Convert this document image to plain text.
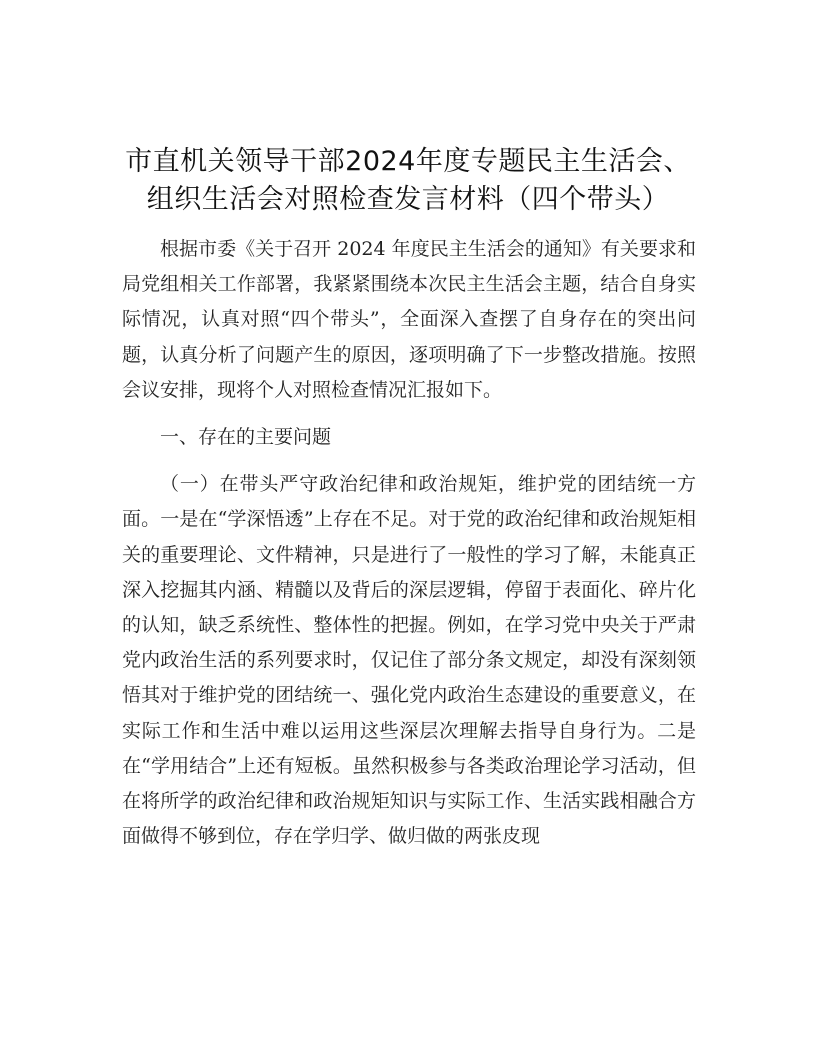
市直机关领导干部2024年度专题民主生活会、
组织生活会对照检查发言材料（四个带头）

根据市委《关于召开 2024 年度民主生活会的通知》有关要求和局党组相关工作部署，我紧紧围绕本次民主生活会主题，结合自身实际情况，认真对照“四个带头”，全面深入查摆了自身存在的突出问题，认真分析了问题产生的原因，逐项明确了下一步整改措施。按照会议安排，现将个人对照检查情况汇报如下。

一、存在的主要问题

（一）在带头严守政治纪律和政治规矩，维护党的团结统一方面。一是在“学深悟透”上存在不足。对于党的政治纪律和政治规矩相关的重要理论、文件精神，只是进行了一般性的学习了解，未能真正深入挖掘其内涵、精髓以及背后的深层逻辑，停留于表面化、碎片化的认知，缺乏系统性、整体性的把握。例如，在学习党中央关于严肃党内政治生活的系列要求时，仅记住了部分条文规定，却没有深刻领悟其对于维护党的团结统一、强化党内政治生态建设的重要意义，在实际工作和生活中难以运用这些深层次理解去指导自身行为。二是在“学用结合”上还有短板。虽然积极参与各类政治理论学习活动，但在将所学的政治纪律和政治规矩知识与实际工作、生活实践相融合方面做得不够到位，存在学归学、做归做的两张皮现
